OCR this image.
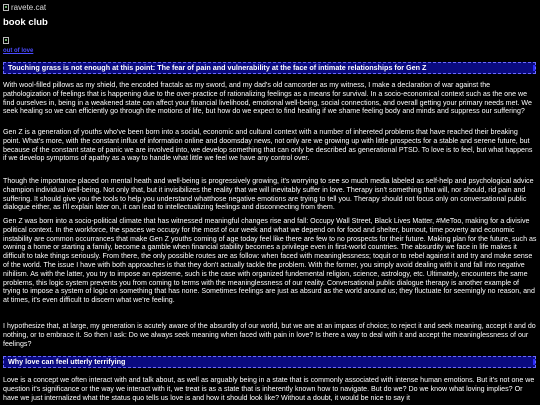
ravete.cat
book club
out of love
Touching grass is not enough at this point: The fear of pain and vulnerability at the face of intimate relationships for Gen Z

With wool-filled pillows as my shield, the encoded fractals as my sword, and my dad's old camcorder as my witness, I make a declaration of war against the pathologization of feelings that is happening due to the over-practice of rationalizing feelings as a means for survival. In a socio-economical context such as the one we find ourselves in, being in a weakened state can affect your financial livelihood, emotional well-being, social connections, and overall getting your primary needs met. We seek healing so we can efficiently go through the motions of life, but how do we expect to find healing if we shame feeling body and minds and suppress our suffering?

Gen Z is a generation of youths who've been born into a social, economic and cultural context with a number of inhereted problems that have reached their breaking point. What's more, with the constant influx of information online and doomsday news, not only are we growing up with little prospects for a stable and serene future, but because of the constant state of panic we are involved into, we develop something that can only be described as generational PTSD. To love is to feel, but what happens if we develop symptoms of apathy as a way to handle what little we feel we have any control over.

Though the importance placed on mental heath and well-being is progressively growing, it's worrying to see so much media labeled as self-help and psychological advice champion individual well-being. Not only that, but it invisibilizes the reality that we will inevitably suffer in love. Therapy isn't something that will, nor should, rid pain and suffering. It should give you the tools to help you understand whatthose negative emotions are trying to tell you. Therapy should not focus only on conversational public dialogue either, as I'll explain later on, it can lead to intellectualizing feelings and disconnecting from them.

Gen Z was born into a socio-political climate that has witnessed meaningful changes rise and fall: Occupy Wall Street, Black Lives Matter, #MeToo, making for a divisive political context. In the workforce, the spaces we occupy for the most of our week and what we depend on for food and shelter, burnout, time poverty and economic instability are common occurrances that make Gen Z youths coming of age today feel like there are few to no prospects for their future. Making plan for the future, such as owning a home or starting a family, become a gamble when financial stability becomes a privilege even in first-world countries. The absurdity we face in life makes it difficult to take things seriously. From there, the only possible routes are as follow: when faced with meaninglessness; toquit or to rebel against it and try and make sense of the world. The issue I have with both approaches is that they don't actually tackle the problem. With the former, you simply avoid dealing with it and fall into negative nihilism. As with the latter, you try to impose an episteme, such is the case with organized fundemental religion, science, astrology, etc. Ultimately, encounters the same problems, this logic system prevents you from coming to terms with the meaninglessness of our reality. Conversational public dialogue therapy is another example of trying to impose a system of logic on something that has none. Sometimes feelings are just as absurd as the world around us; they fluctuate for seemingly no reason, and at times, it's even difficult to discern what we're feeling.

I hypothesize that, at large, my generation is acutely aware of the absurdity of our world, but we are at an impass of choice; to reject it and seek meaning, accept it and do nothing, or to embrace it. So then I ask: Do we always seek meaning when faced with pain in love? Is there a way to deal with it and accept the meaninglessness of our feelings?

Why love can feel utterly terrifying

Love is a concept we often interact with and talk about, as well as arguably being in a state that is commonly associated with intense human emotions. But it's not one we question it's significance or the way we interact with it, we treat is as a state that is inherently known how to navigate. But do we? Do we know what loving implies? Or have we just internalized what the status quo tells us love is and how it should look like? Without a doubt, it would be nice to say it
